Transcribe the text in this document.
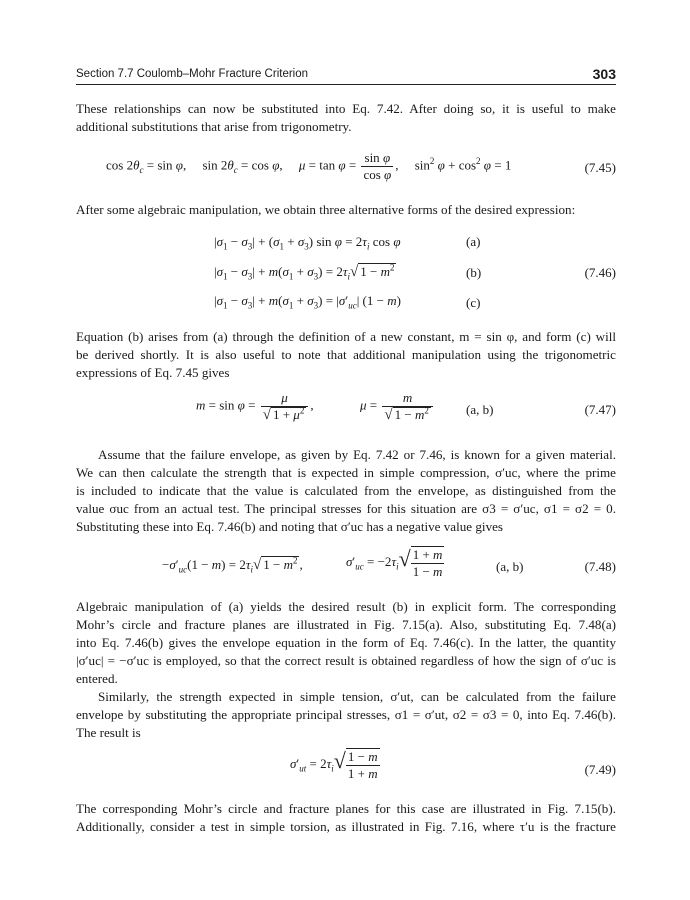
Section 7.7 Coulomb–Mohr Fracture Criterion	303
These relationships can now be substituted into Eq. 7.42. After doing so, it is useful to make
additional substitutions that arise from trigonometry.
$\cos 2\theta_c = \sin \varphi$,     $\sin 2\theta_c = \cos \varphi$,     $\mu = \tan \varphi = \frac{\text{sin φ}}{\text{cos φ}}$ ,     $\sin^2 \varphi + \cos^2 \varphi = 1$	(7.45)
After some algebraic manipulation, we obtain three alternative forms of the desired expression:
$|\sigma_1 - \sigma_3| + (\sigma_1 + \sigma_3)$ $\sin \varphi = 2\tau_i$ cos φ	(a)
$|\sigma_1 - \sigma_3| + m(\sigma_1 + \sigma_3) = 2\tau_i√$ $1 - m^2$	(b)	(7.46)
$|\sigma_1 - \sigma_3| + m(\sigma_1 + \sigma_3) = |\sigma'_{uc}|$ (1 − m)	(c)
Equation (b) arises from (a) through the definition of a new constant, m = sin φ, and form (c) will
be derived shortly. It is also useful to note that additional manipulation using the trigonometric
expressions of Eq. 7.45 gives
$m = \sin \varphi = \frac{\mu}{√ 1 + \mu^2}$ ,	$\mu = \frac{m}{√ 1 - m^2}$	(a, b)	(7.47)
Assume that the failure envelope, as given by Eq. 7.42 or 7.46, is known for a given material.
We can then calculate the strength that is expected in simple compression, σ′uc, where the prime
is included to indicate that the value is calculated from the envelope, as distinguished from the
value σuc from an actual test. The principal stresses for this situation are σ3 = σ′uc, σ1 = σ2 = 0.
Substituting these into Eq. 7.46(b) and noting that σ′uc has a negative value gives
$-\sigma'_{uc}(1 - m) = 2\tau_i√$ $1 - m^2$ ,	$\sigma'_{uc} = -2\tau_i√ \frac{1 + m}{1 - m}$	(a, b)	(7.48)
Algebraic manipulation of (a) yields the desired result (b) in explicit form. The corresponding
Mohr’s circle and fracture planes are illustrated in Fig. 7.15(a). Also, substituting Eq. 7.48(a)
into Eq. 7.46(b) gives the envelope equation in the form of Eq. 7.46(c). In the latter, the quantity
|σ′uc| = −σ′uc is employed, so that the correct result is obtained regardless of how the sign of σ′uc is
entered.
Similarly, the strength expected in simple tension, σ′ut, can be calculated from the failure
envelope by substituting the appropriate principal stresses, σ1 = σ′ut, σ2 = σ3 = 0, into Eq. 7.46(b).
The result is
$\sigma'_{ut} = 2\tau_i√ \frac{1 - m}{1 + m}$	(7.49)
The corresponding Mohr’s circle and fracture planes for this case are illustrated in Fig. 7.15(b).
Additionally, consider a test in simple torsion, as illustrated in Fig. 7.16, where τ′u is the fracture
